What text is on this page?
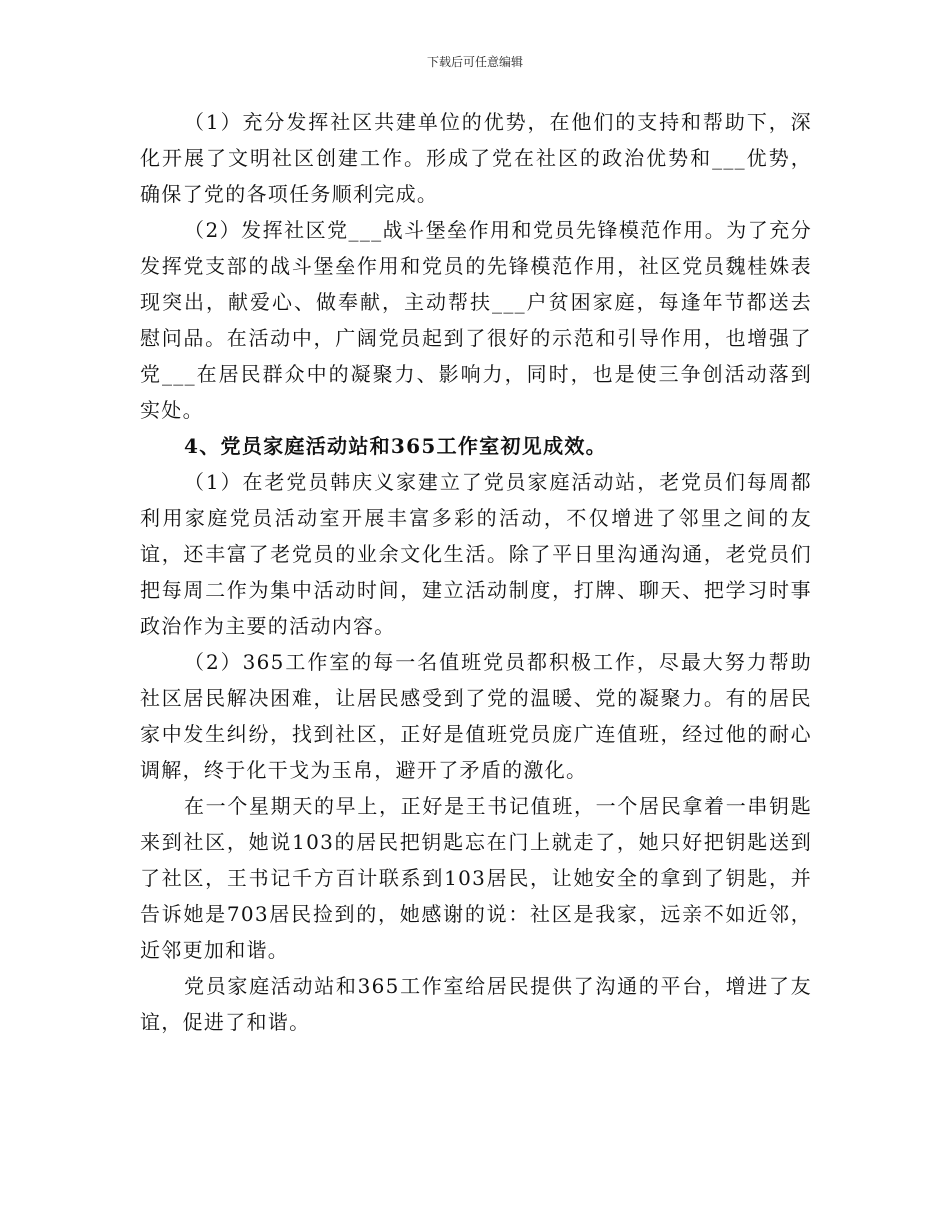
下载后可任意编辑

（1）充分发挥社区共建单位的优势，在他们的支持和帮助下，深化开展了文明社区创建工作。形成了党在社区的政治优势和___优势，确保了党的各项任务顺利完成。

（2）发挥社区党___战斗堡垒作用和党员先锋模范作用。为了充分发挥党支部的战斗堡垒作用和党员的先锋模范作用，社区党员魏桂姝表现突出，献爱心、做奉献，主动帮扶___户贫困家庭，每逢年节都送去慰问品。在活动中，广阔党员起到了很好的示范和引导作用，也增强了党___在居民群众中的凝聚力、影响力，同时，也是使三争创活动落到实处。

4、党员家庭活动站和365工作室初见成效。

（1）在老党员韩庆义家建立了党员家庭活动站，老党员们每周都利用家庭党员活动室开展丰富多彩的活动，不仅增进了邻里之间的友谊，还丰富了老党员的业余文化生活。除了平日里沟通沟通，老党员们把每周二作为集中活动时间，建立活动制度，打牌、聊天、把学习时事政治作为主要的活动内容。

（2）365工作室的每一名值班党员都积极工作，尽最大努力帮助社区居民解决困难，让居民感受到了党的温暖、党的凝聚力。有的居民家中发生纠纷，找到社区，正好是值班党员庞广连值班，经过他的耐心调解，终于化干戈为玉帛，避开了矛盾的激化。

在一个星期天的早上，正好是王书记值班，一个居民拿着一串钥匙来到社区，她说103的居民把钥匙忘在门上就走了，她只好把钥匙送到了社区，王书记千方百计联系到103居民，让她安全的拿到了钥匙，并告诉她是703居民捡到的，她感谢的说：社区是我家，远亲不如近邻，近邻更加和谐。

党员家庭活动站和365工作室给居民提供了沟通的平台，增进了友谊，促进了和谐。
